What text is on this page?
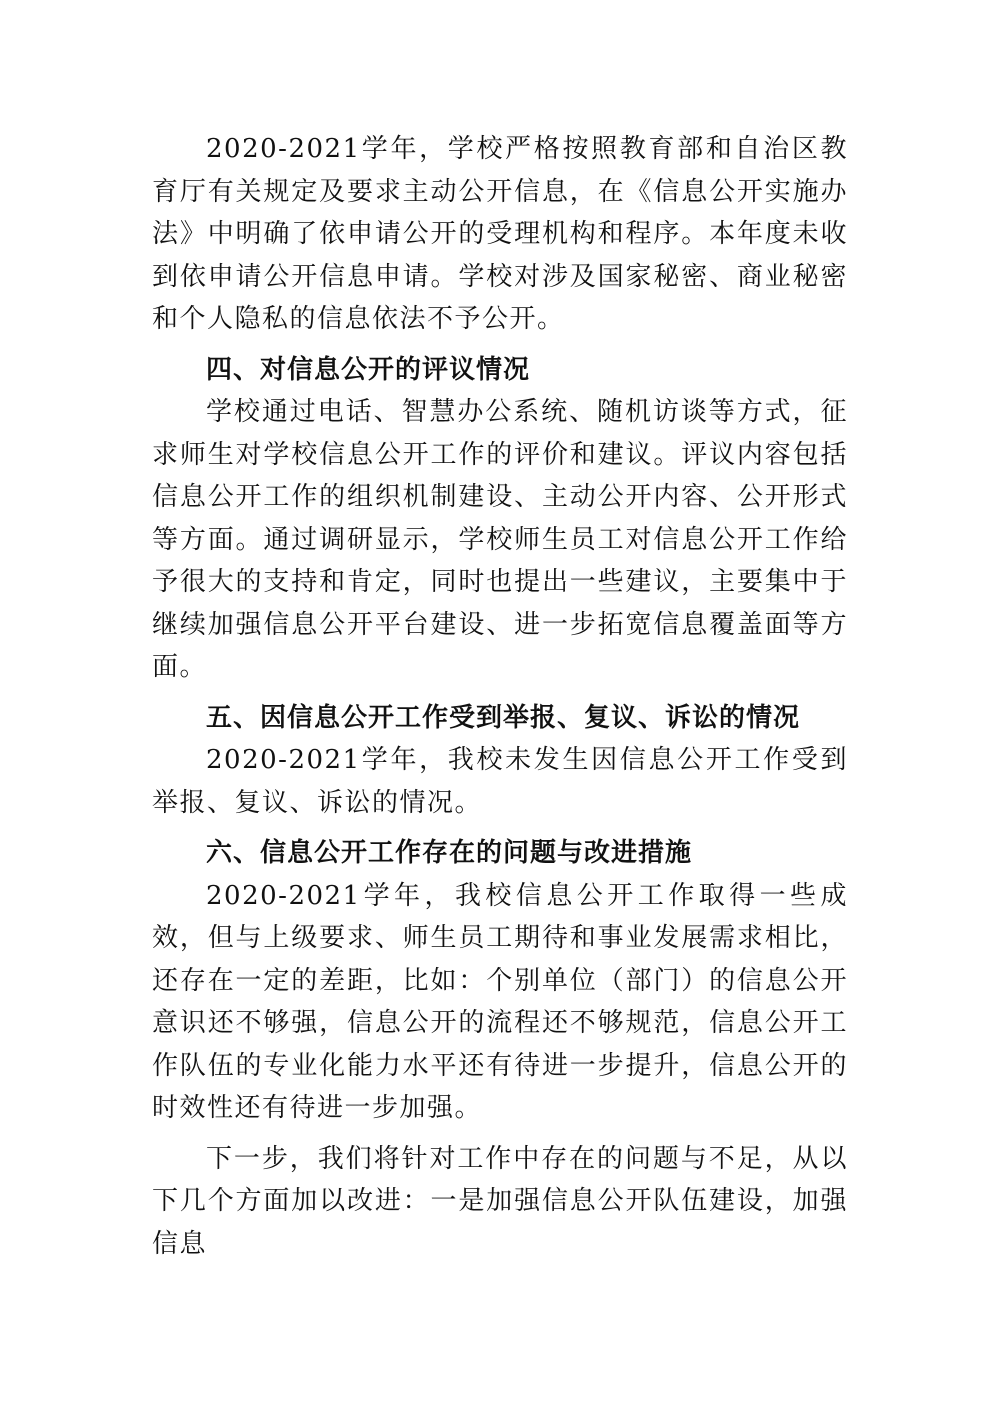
2020-2021学年，学校严格按照教育部和自治区教育厅有关规定及要求主动公开信息，在《信息公开实施办法》中明确了依申请公开的受理机构和程序。本年度未收到依申请公开信息申请。学校对涉及国家秘密、商业秘密和个人隐私的信息依法不予公开。

四、对信息公开的评议情况

学校通过电话、智慧办公系统、随机访谈等方式，征求师生对学校信息公开工作的评价和建议。评议内容包括信息公开工作的组织机制建设、主动公开内容、公开形式等方面。通过调研显示，学校师生员工对信息公开工作给予很大的支持和肯定，同时也提出一些建议，主要集中于继续加强信息公开平台建设、进一步拓宽信息覆盖面等方面。

五、因信息公开工作受到举报、复议、诉讼的情况

2020-2021学年，我校未发生因信息公开工作受到举报、复议、诉讼的情况。

六、信息公开工作存在的问题与改进措施

2020-2021学年，我校信息公开工作取得一些成效，但与上级要求、师生员工期待和事业发展需求相比，还存在一定的差距，比如：个别单位（部门）的信息公开意识还不够强，信息公开的流程还不够规范，信息公开工作队伍的专业化能力水平还有待进一步提升，信息公开的时效性还有待进一步加强。

下一步，我们将针对工作中存在的问题与不足，从以下几个方面加以改进：一是加强信息公开队伍建设，加强信息
